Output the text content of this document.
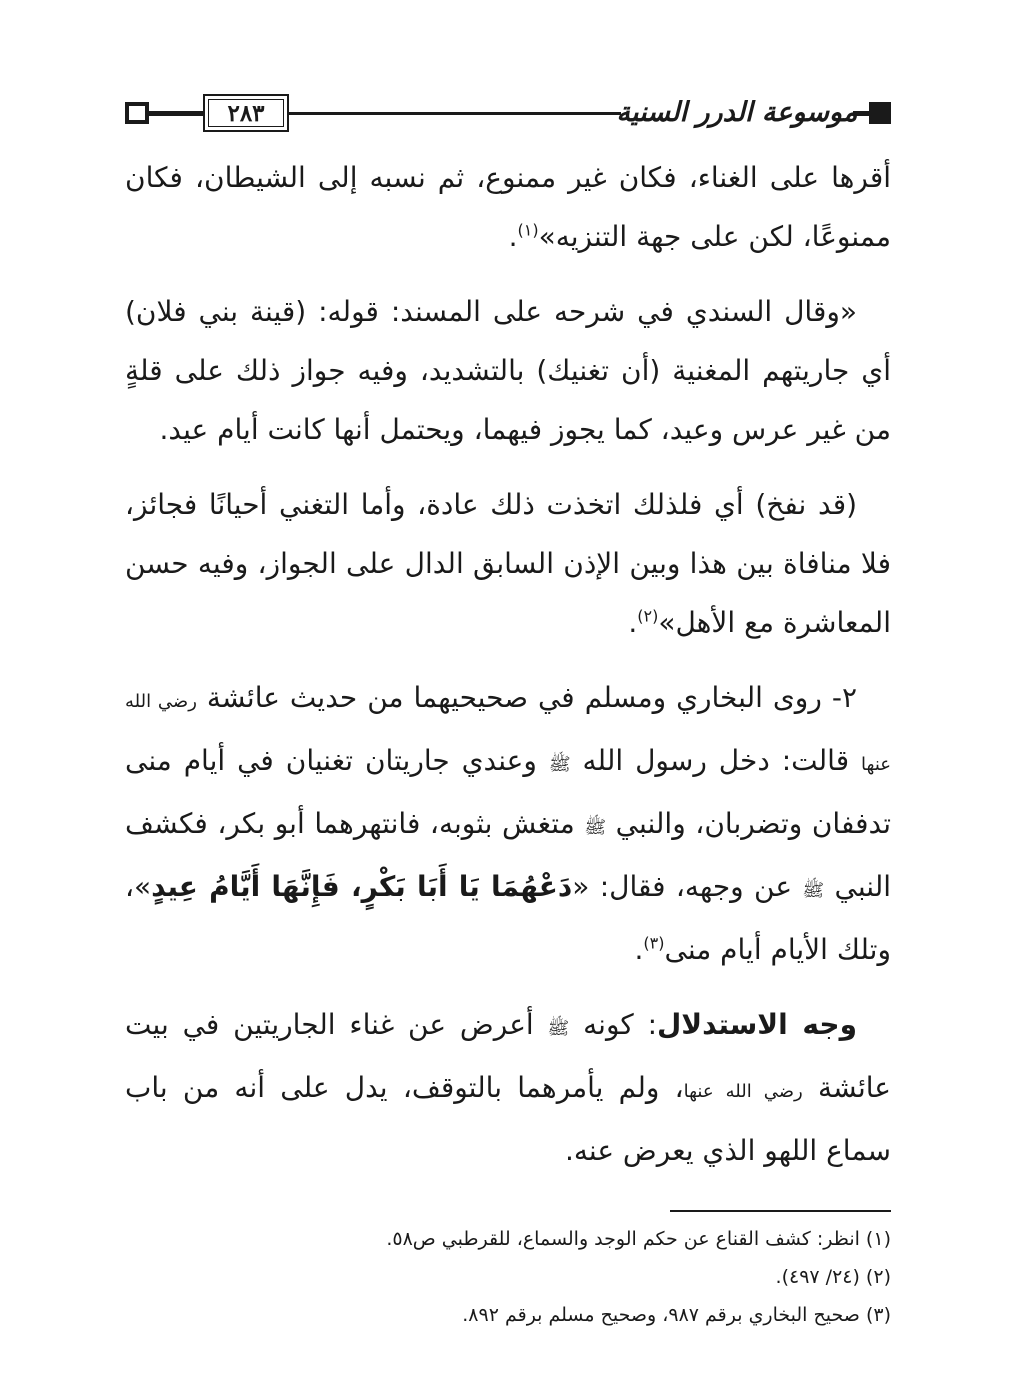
٢٨٣	موسوعة الدرر السنية

أقرها على الغناء، فكان غير ممنوع، ثم نسبه إلى الشيطان، فكان ممنوعًا، لكن على جهة التنزيه»$^{(١)}$.

«وقال السندي في شرحه على المسند: قوله: (قينة بني فلان) أي جاريتهم المغنية (أن تغنيك) بالتشديد، وفيه جواز ذلك على قلةٍ من غير عرس وعيد، كما يجوز فيهما، ويحتمل أنها كانت أيام عيد.

(قد نفخ) أي فلذلك اتخذت ذلك عادة، وأما التغني أحيانًا فجائز، فلا منافاة بين هذا وبين الإذن السابق الدال على الجواز، وفيه حسن المعاشرة مع الأهل»$^{(٢)}$.

٢- روى البخاري ومسلم في صحيحيهما من حديث عائشة رضي الله عنها قالت: دخل رسول الله ﷺ وعندي جاريتان تغنيان في أيام منى تدففان وتضربان، والنبي ﷺ متغش بثوبه، فانتهرهما أبو بكر، فكشف النبي ﷺ عن وجهه، فقال: «دَعْهُمَا يَا أَبَا بَكْرٍ، فَإِنَّهَا أَيَّامُ عِيدٍ»، وتلك الأيام أيام منى$^{(٣)}$.

وجه الاستدلال: كونه ﷺ أعرض عن غناء الجاريتين في بيت عائشة رضي الله عنها، ولم يأمرهما بالتوقف، يدل على أنه من باب سماع اللهو الذي يعرض عنه.

(١) انظر: كشف القناع عن حكم الوجد والسماع، للقرطبي ص٥٨.
(٢) (٢٤/ ٤٩٧).
(٣) صحيح البخاري برقم ٩٨٧، وصحيح مسلم برقم ٨٩٢.
